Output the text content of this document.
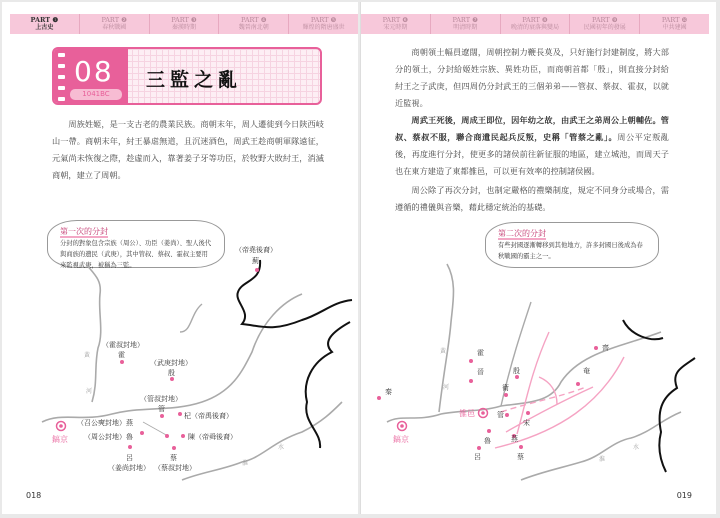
PART ❶
上古史
PART ❷
春秋戰國
PART ❸
秦漢時期
PART ❹
魏晉南北朝
PART ❺
輝煌的隋唐盛世
08
1041BC
三監之亂

周族姓姬，是一支古老的農業民族。商朝末年，周人遷徙到今日陝西岐山一帶。商朝末年，紂王暴虐無道，且沉迷酒色，周武王趁商朝軍隊遠征，元氣尚未恢復之際，趁虛而入，靠著姜子牙等功臣，於牧野大敗紂王，消滅商朝，建立了周朝。

第一次的分封
分封的對象包含宗族（周公）、功臣（姜尚）、聖人後代與商族的遺民（武庚），其中管叔、蔡叔、霍叔主要用來監視武庚，被稱為三監。
（帝堯後裔）
薊
（霍叔封地）
霍
（武庚封地）
殷
（管叔封地）
管
杞（帝禹後裔）
（召公奭封地）燕
（周公封地）魯	陳（帝舜後裔）
呂
（姜尚封地）
蔡
（蔡叔封地）
鎬京
黃
河
淮
水
018
PART ❻
宋元時期
PART ❼
明清時期
PART ❽
晚清的衰落與變局
PART ❾
民國初年的發展
PART ❿
中共建國

商朝領土幅員遼闊，周朝控制力鞭長莫及，只好施行封建制度，將大部分的領土，分封給姬姓宗族、異姓功臣，而商朝首都「殷」，則直接分封給紂王之子武庚，但四周仍分封武王的三個弟弟——管叔、蔡叔、霍叔，以就近監視。

周武王死後，周成王即位，因年幼之故，由武王之弟周公上朝輔佐。管叔、蔡叔不服，聯合商遺民起兵反叛，史稱「管蔡之亂」。周公平定叛亂後，再度進行分封，使更多的諸侯前往新征服的地區，建立城池，而周天子也在東方建造了東都雒邑，可以更有效率的控制諸侯國。

周公除了再次分封，也制定嚴格的禮樂制度，規定不同身分或場合，需遵循的禮儀與音樂，藉此穩定統治的基礎。

第二次的分封
有些封國逐漸轉移到其他地方，許多封國日後成為春秋戰國的霸主之一。
秦
霍
晉	殷
衛
管
宋
魯	燕
呂	蔡
齊
奄
鎬京
雒邑
黃
河
淮
水
019
